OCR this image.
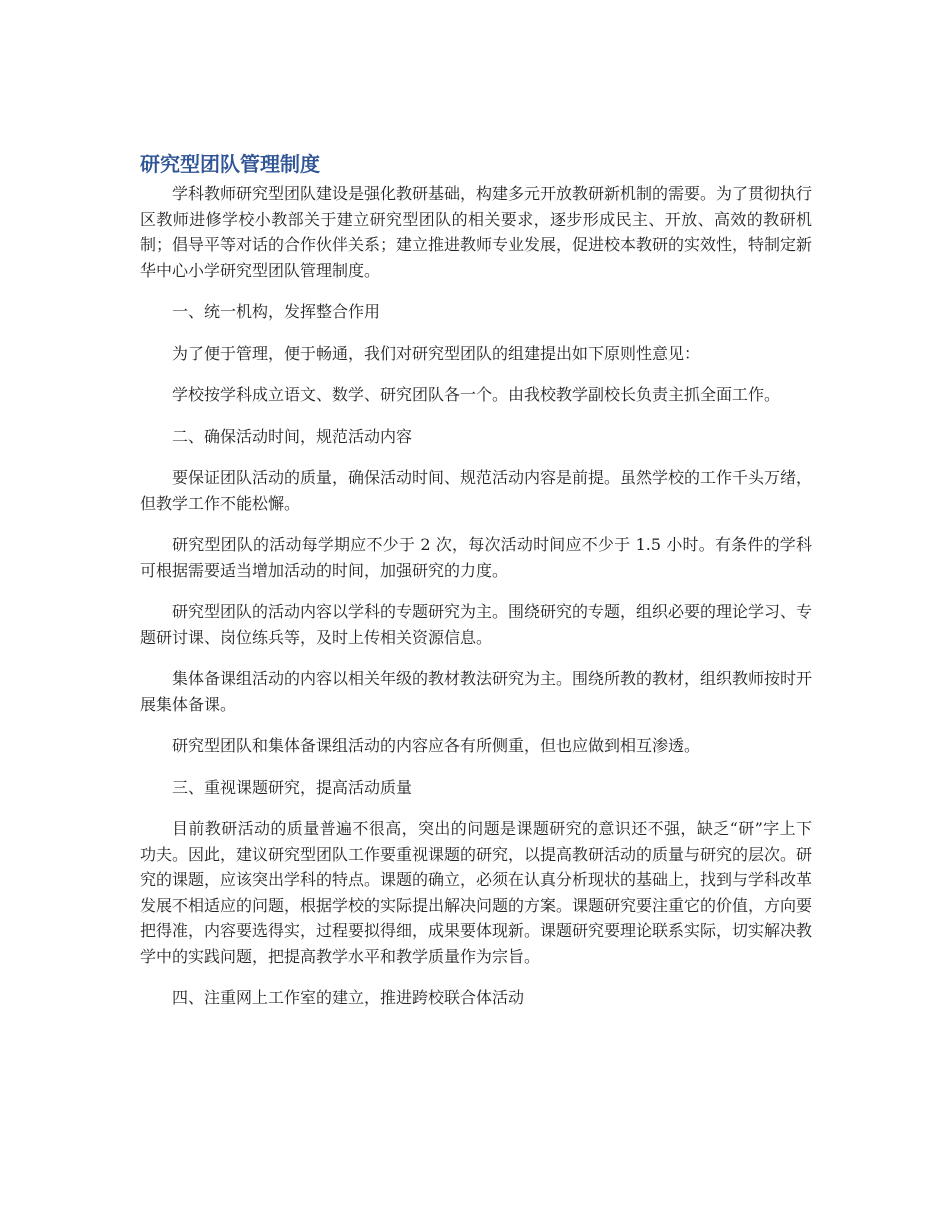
研究型团队管理制度

学科教师研究型团队建设是强化教研基础，构建多元开放教研新机制的需要。为了贯彻执行区教师进修学校小教部关于建立研究型团队的相关要求，逐步形成民主、开放、高效的教研机制；倡导平等对话的合作伙伴关系；建立推进教师专业发展，促进校本教研的实效性，特制定新华中心小学研究型团队管理制度。

一、统一机构，发挥整合作用

为了便于管理，便于畅通，我们对研究型团队的组建提出如下原则性意见：

学校按学科成立语文、数学、研究团队各一个。由我校教学副校长负责主抓全面工作。

二、确保活动时间，规范活动内容

要保证团队活动的质量，确保活动时间、规范活动内容是前提。虽然学校的工作千头万绪，但教学工作不能松懈。

研究型团队的活动每学期应不少于 2 次，每次活动时间应不少于 1.5 小时。有条件的学科可根据需要适当增加活动的时间，加强研究的力度。

研究型团队的活动内容以学科的专题研究为主。围绕研究的专题，组织必要的理论学习、专题研讨课、岗位练兵等，及时上传相关资源信息。

集体备课组活动的内容以相关年级的教材教法研究为主。围绕所教的教材，组织教师按时开展集体备课。

研究型团队和集体备课组活动的内容应各有所侧重，但也应做到相互渗透。

三、重视课题研究，提高活动质量

目前教研活动的质量普遍不很高，突出的问题是课题研究的意识还不强，缺乏“研”字上下功夫。因此，建议研究型团队工作要重视课题的研究，以提高教研活动的质量与研究的层次。研究的课题，应该突出学科的特点。课题的确立，必须在认真分析现状的基础上，找到与学科改革发展不相适应的问题，根据学校的实际提出解决问题的方案。课题研究要注重它的价值，方向要把得准，内容要选得实，过程要拟得细，成果要体现新。课题研究要理论联系实际，切实解决教学中的实践问题，把提高教学水平和教学质量作为宗旨。

四、注重网上工作室的建立，推进跨校联合体活动
